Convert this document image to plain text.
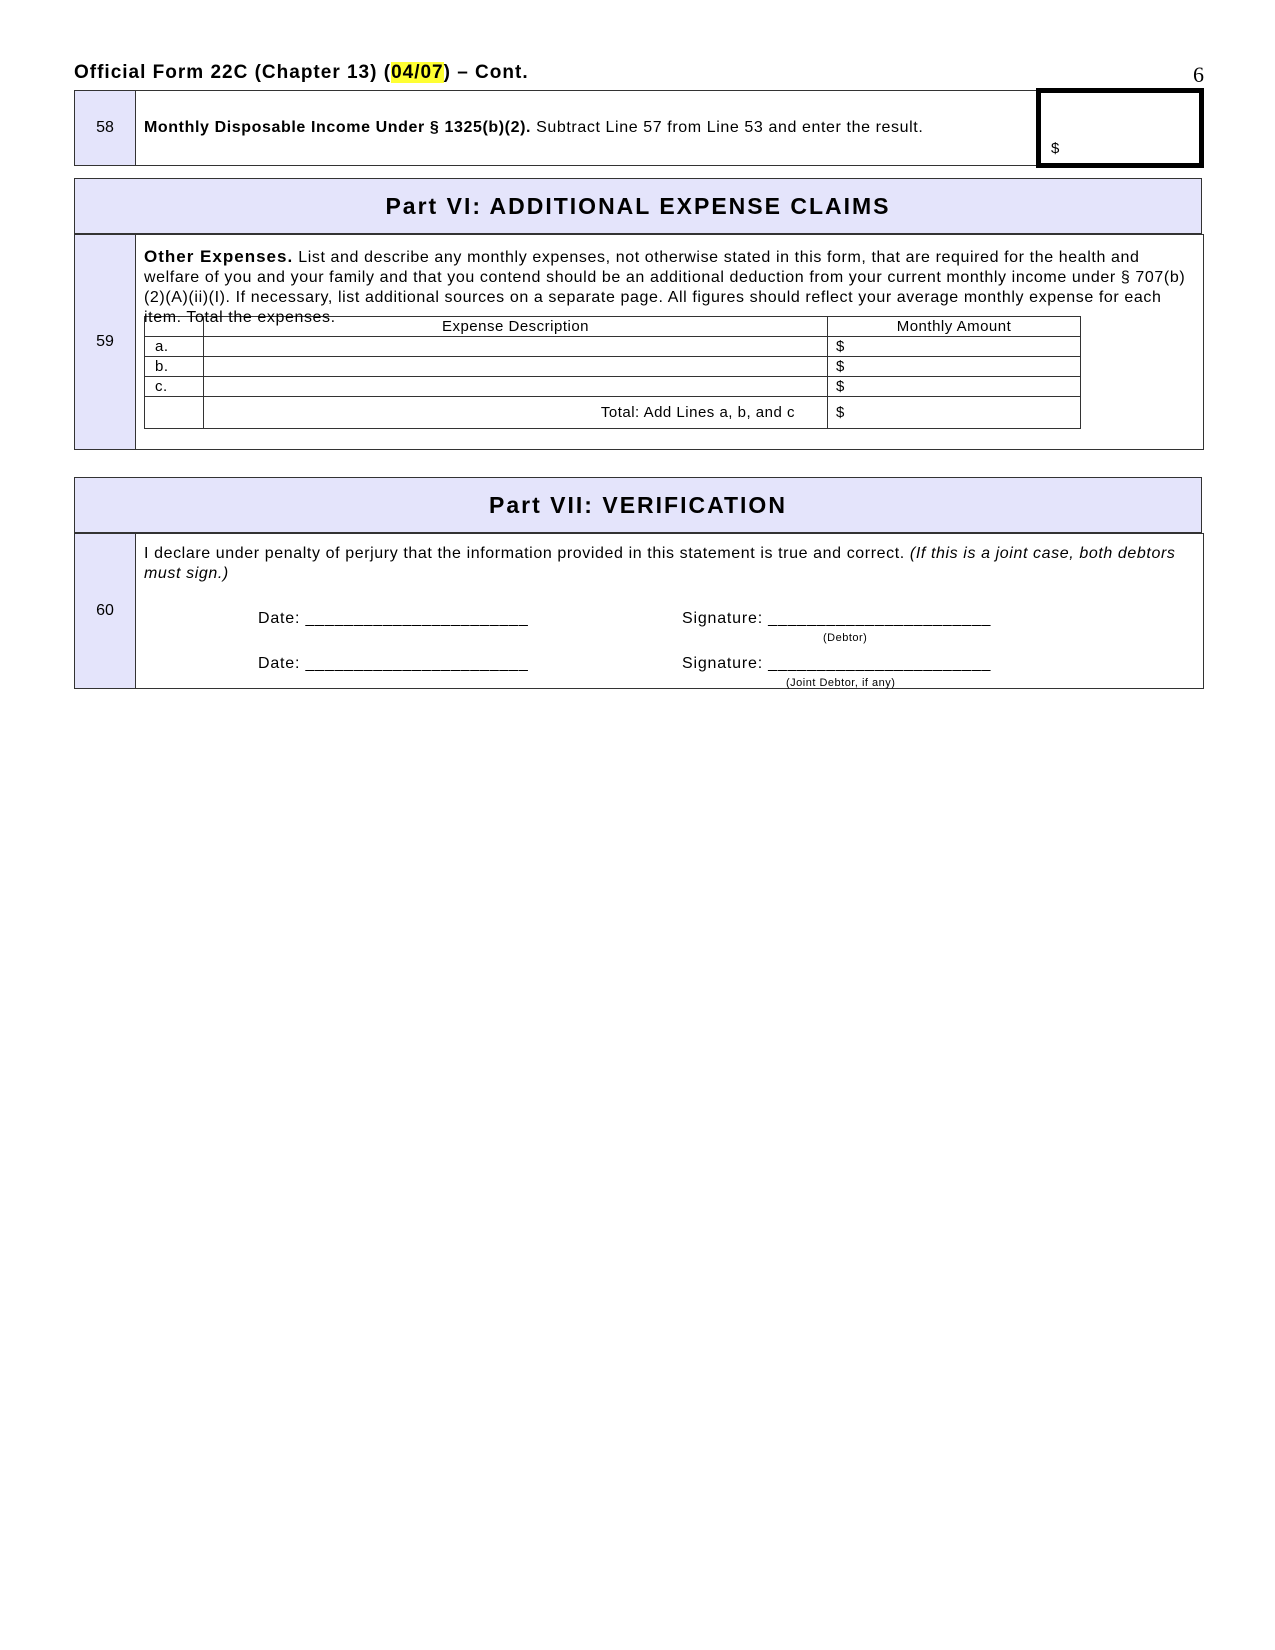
Official Form 22C (Chapter 13) (04/07) – Cont.	6
58	Monthly Disposable Income Under § 1325(b)(2). Subtract Line 57 from Line 53 and enter the result.	$
Part VI: ADDITIONAL EXPENSE CLAIMS
59	
Other Expenses. List and describe any monthly expenses, not otherwise stated in this form, that are required for the health and welfare of you and your family and that you contend should be an additional deduction from your current monthly income under § 707(b)(2)(A)(ii)(I). If necessary, list additional sources on a separate page. All figures should reflect your average monthly expense for each item. Total the expenses.
	Expense Description	Monthly Amount
a.		$
b.		$
c.		$
	Total: Add Lines a, b, and c	$
Part VII: VERIFICATION
60	
I declare under penalty of perjury that the information provided in this statement is true and correct. (If this is a joint case, both debtors must sign.)
Date: _______________________	Signature: _______________________
(Debtor)
Date: _______________________	Signature: _______________________
(Joint Debtor, if any)
